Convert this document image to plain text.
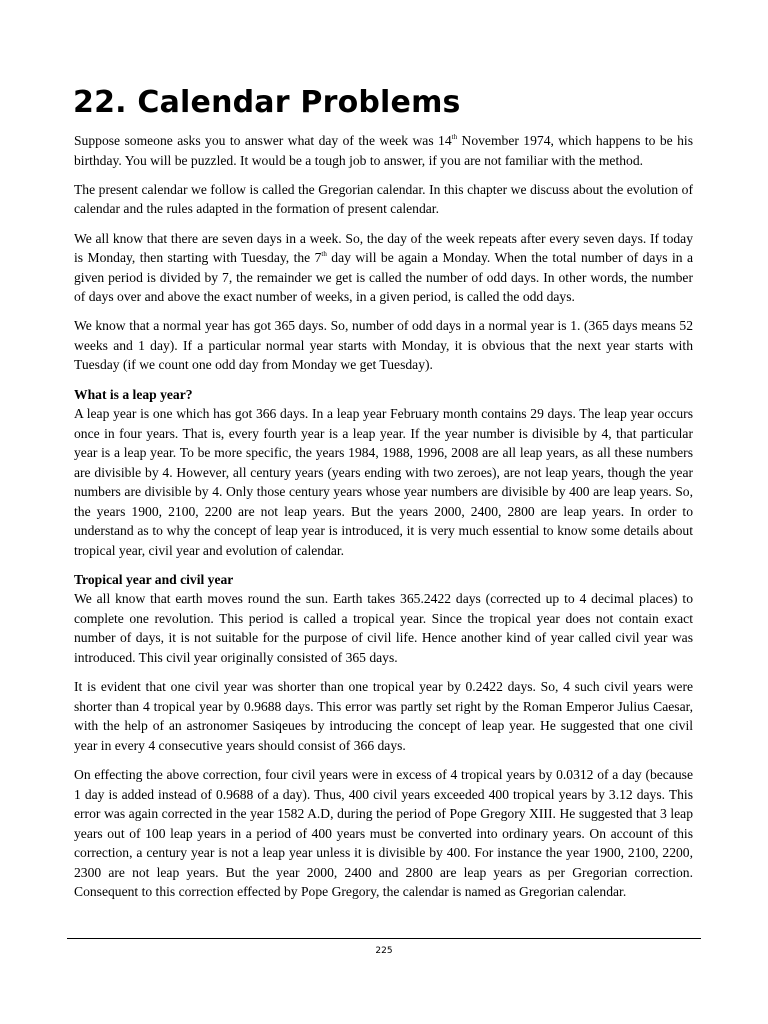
22. Calendar Problems

Suppose someone asks you to answer what day of the week was 14th November 1974, which happens to be his birthday. You will be puzzled. It would be a tough job to answer, if you are not familiar with the method.

The present calendar we follow is called the Gregorian calendar. In this chapter we discuss about the evolution of calendar and the rules adapted in the formation of present calendar.

We all know that there are seven days in a week. So, the day of the week repeats after every seven days. If today is Monday, then starting with Tuesday, the 7th day will be again a Monday. When the total number of days in a given period is divided by 7, the remainder we get is called the number of odd days. In other words, the number of days over and above the exact number of weeks, in a given period, is called the odd days.

We know that a normal year has got 365 days. So, number of odd days in a normal year is 1. (365 days means 52 weeks and 1 day). If a particular normal year starts with Monday, it is obvious that the next year starts with Tuesday (if we count one odd day from Monday we get Tuesday).

What is a leap year?

A leap year is one which has got 366 days. In a leap year February month contains 29 days. The leap year occurs once in four years. That is, every fourth year is a leap year. If the year number is divisible by 4, that particular year is a leap year. To be more specific, the years 1984, 1988, 1996, 2008 are all leap years, as all these numbers are divisible by 4. However, all century years (years ending with two zeroes), are not leap years, though the year numbers are divisible by 4. Only those century years whose year numbers are divisible by 400 are leap years. So, the years 1900, 2100, 2200 are not leap years. But the years 2000, 2400, 2800 are leap years. In order to understand as to why the concept of leap year is introduced, it is very much essential to know some details about tropical year, civil year and evolution of calendar.

Tropical year and civil year

We all know that earth moves round the sun. Earth takes 365.2422 days (corrected up to 4 decimal places) to complete one revolution. This period is called a tropical year. Since the tropical year does not contain exact number of days, it is not suitable for the purpose of civil life. Hence another kind of year called civil year was introduced. This civil year originally consisted of 365 days.

It is evident that one civil year was shorter than one tropical year by 0.2422 days. So, 4 such civil years were shorter than 4 tropical year by 0.9688 days. This error was partly set right by the Roman Emperor Julius Caesar, with the help of an astronomer Sasiqeues by introducing the concept of leap year. He suggested that one civil year in every 4 consecutive years should consist of 366 days.

On effecting the above correction, four civil years were in excess of 4 tropical years by 0.0312 of a day (because 1 day is added instead of 0.9688 of a day). Thus, 400 civil years exceeded 400 tropical years by 3.12 days. This error was again corrected in the year 1582 A.D, during the period of Pope Gregory XIII. He suggested that 3 leap years out of 100 leap years in a period of 400 years must be converted into ordinary years. On account of this correction, a century year is not a leap year unless it is divisible by 400. For instance the year 1900, 2100, 2200, 2300 are not leap years. But the year 2000, 2400 and 2800 are leap years as per Gregorian correction. Consequent to this correction effected by Pope Gregory, the calendar is named as Gregorian calendar.

225
